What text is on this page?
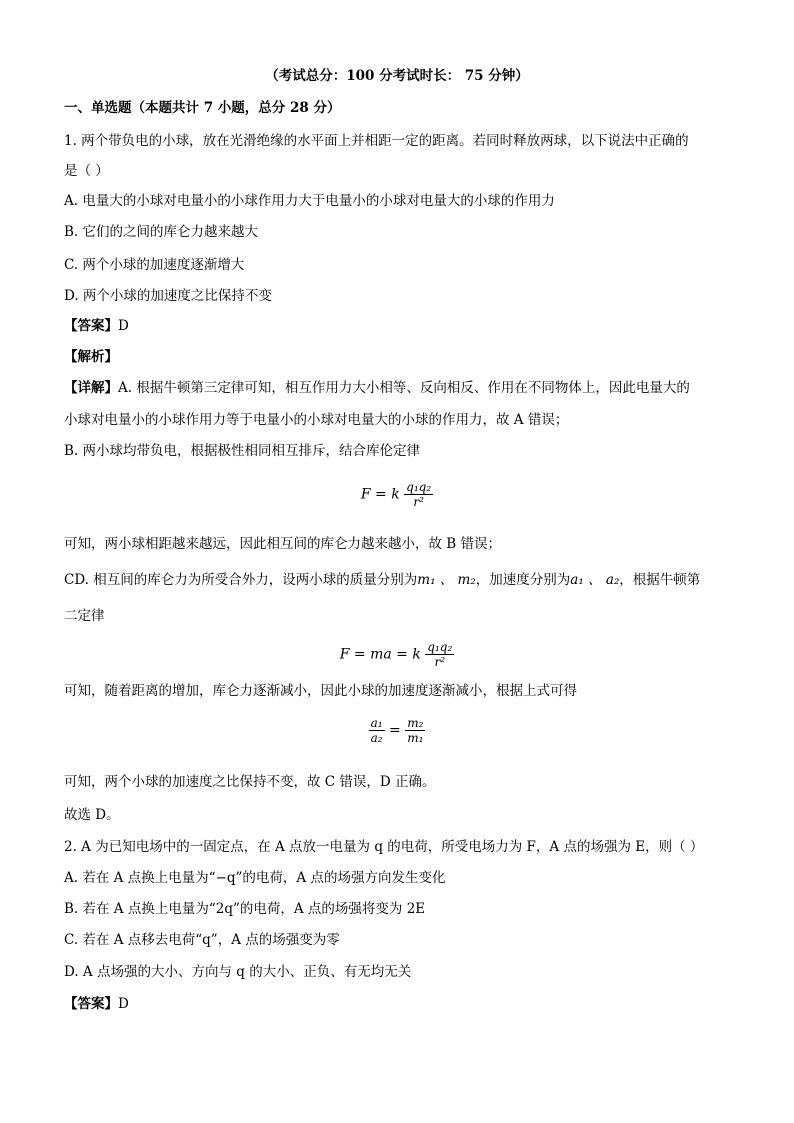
（考试总分：100 分考试时长： 75 分钟）
一、单选题（本题共计 7 小题，总分 28 分）
1. 两个带负电的小球，放在光滑绝缘的水平面上并相距一定的距离。若同时释放两球，以下说法中正确的
是（ ）
A. 电量大的小球对电量小的小球作用力大于电量小的小球对电量大的小球的作用力
B. 它们的之间的库仑力越来越大
C. 两个小球的加速度逐渐增大
D. 两个小球的加速度之比保持不变
【答案】D
【解析】
【详解】A. 根据牛顿第三定律可知，相互作用力大小相等、反向相反、作用在不同物体上，因此电量大的
小球对电量小的小球作用力等于电量小的小球对电量大的小球的作用力，故 A 错误；
B. 两小球均带负电，根据极性相同相互排斥，结合库伦定律
F = k $\frac{\text{q₁q₂}}{\text{r²}}$
可知，两小球相距越来越远，因此相互间的库仑力越来越小，故 B 错误；
CD. 相互间的库仑力为所受合外力，设两小球的质量分别为m₁ 、 m₂，加速度分别为a₁ 、 a₂，根据牛顿第
二定律
F = ma = k $\frac{\text{q₁q₂}}{\text{r²}}$
可知，随着距离的增加，库仑力逐渐减小，因此小球的加速度逐渐减小，根据上式可得
$\frac{\text{a₁}}{\text{a₂}} = \frac{\text{m₂}}{\text{m₁}}$
可知，两个小球的加速度之比保持不变，故 C 错误，D 正确。
故选 D。
2. A 为已知电场中的一固定点，在 A 点放一电量为 q 的电荷，所受电场力为 F，A 点的场强为 E，则（ ）
A. 若在 A 点换上电量为“−q”的电荷，A 点的场强方向发生变化
B. 若在 A 点换上电量为“2q”的电荷，A 点的场强将变为 2E
C. 若在 A 点移去电荷“q”，A 点的场强变为零
D. A 点场强的大小、方向与 q 的大小、正负、有无均无关
【答案】D
